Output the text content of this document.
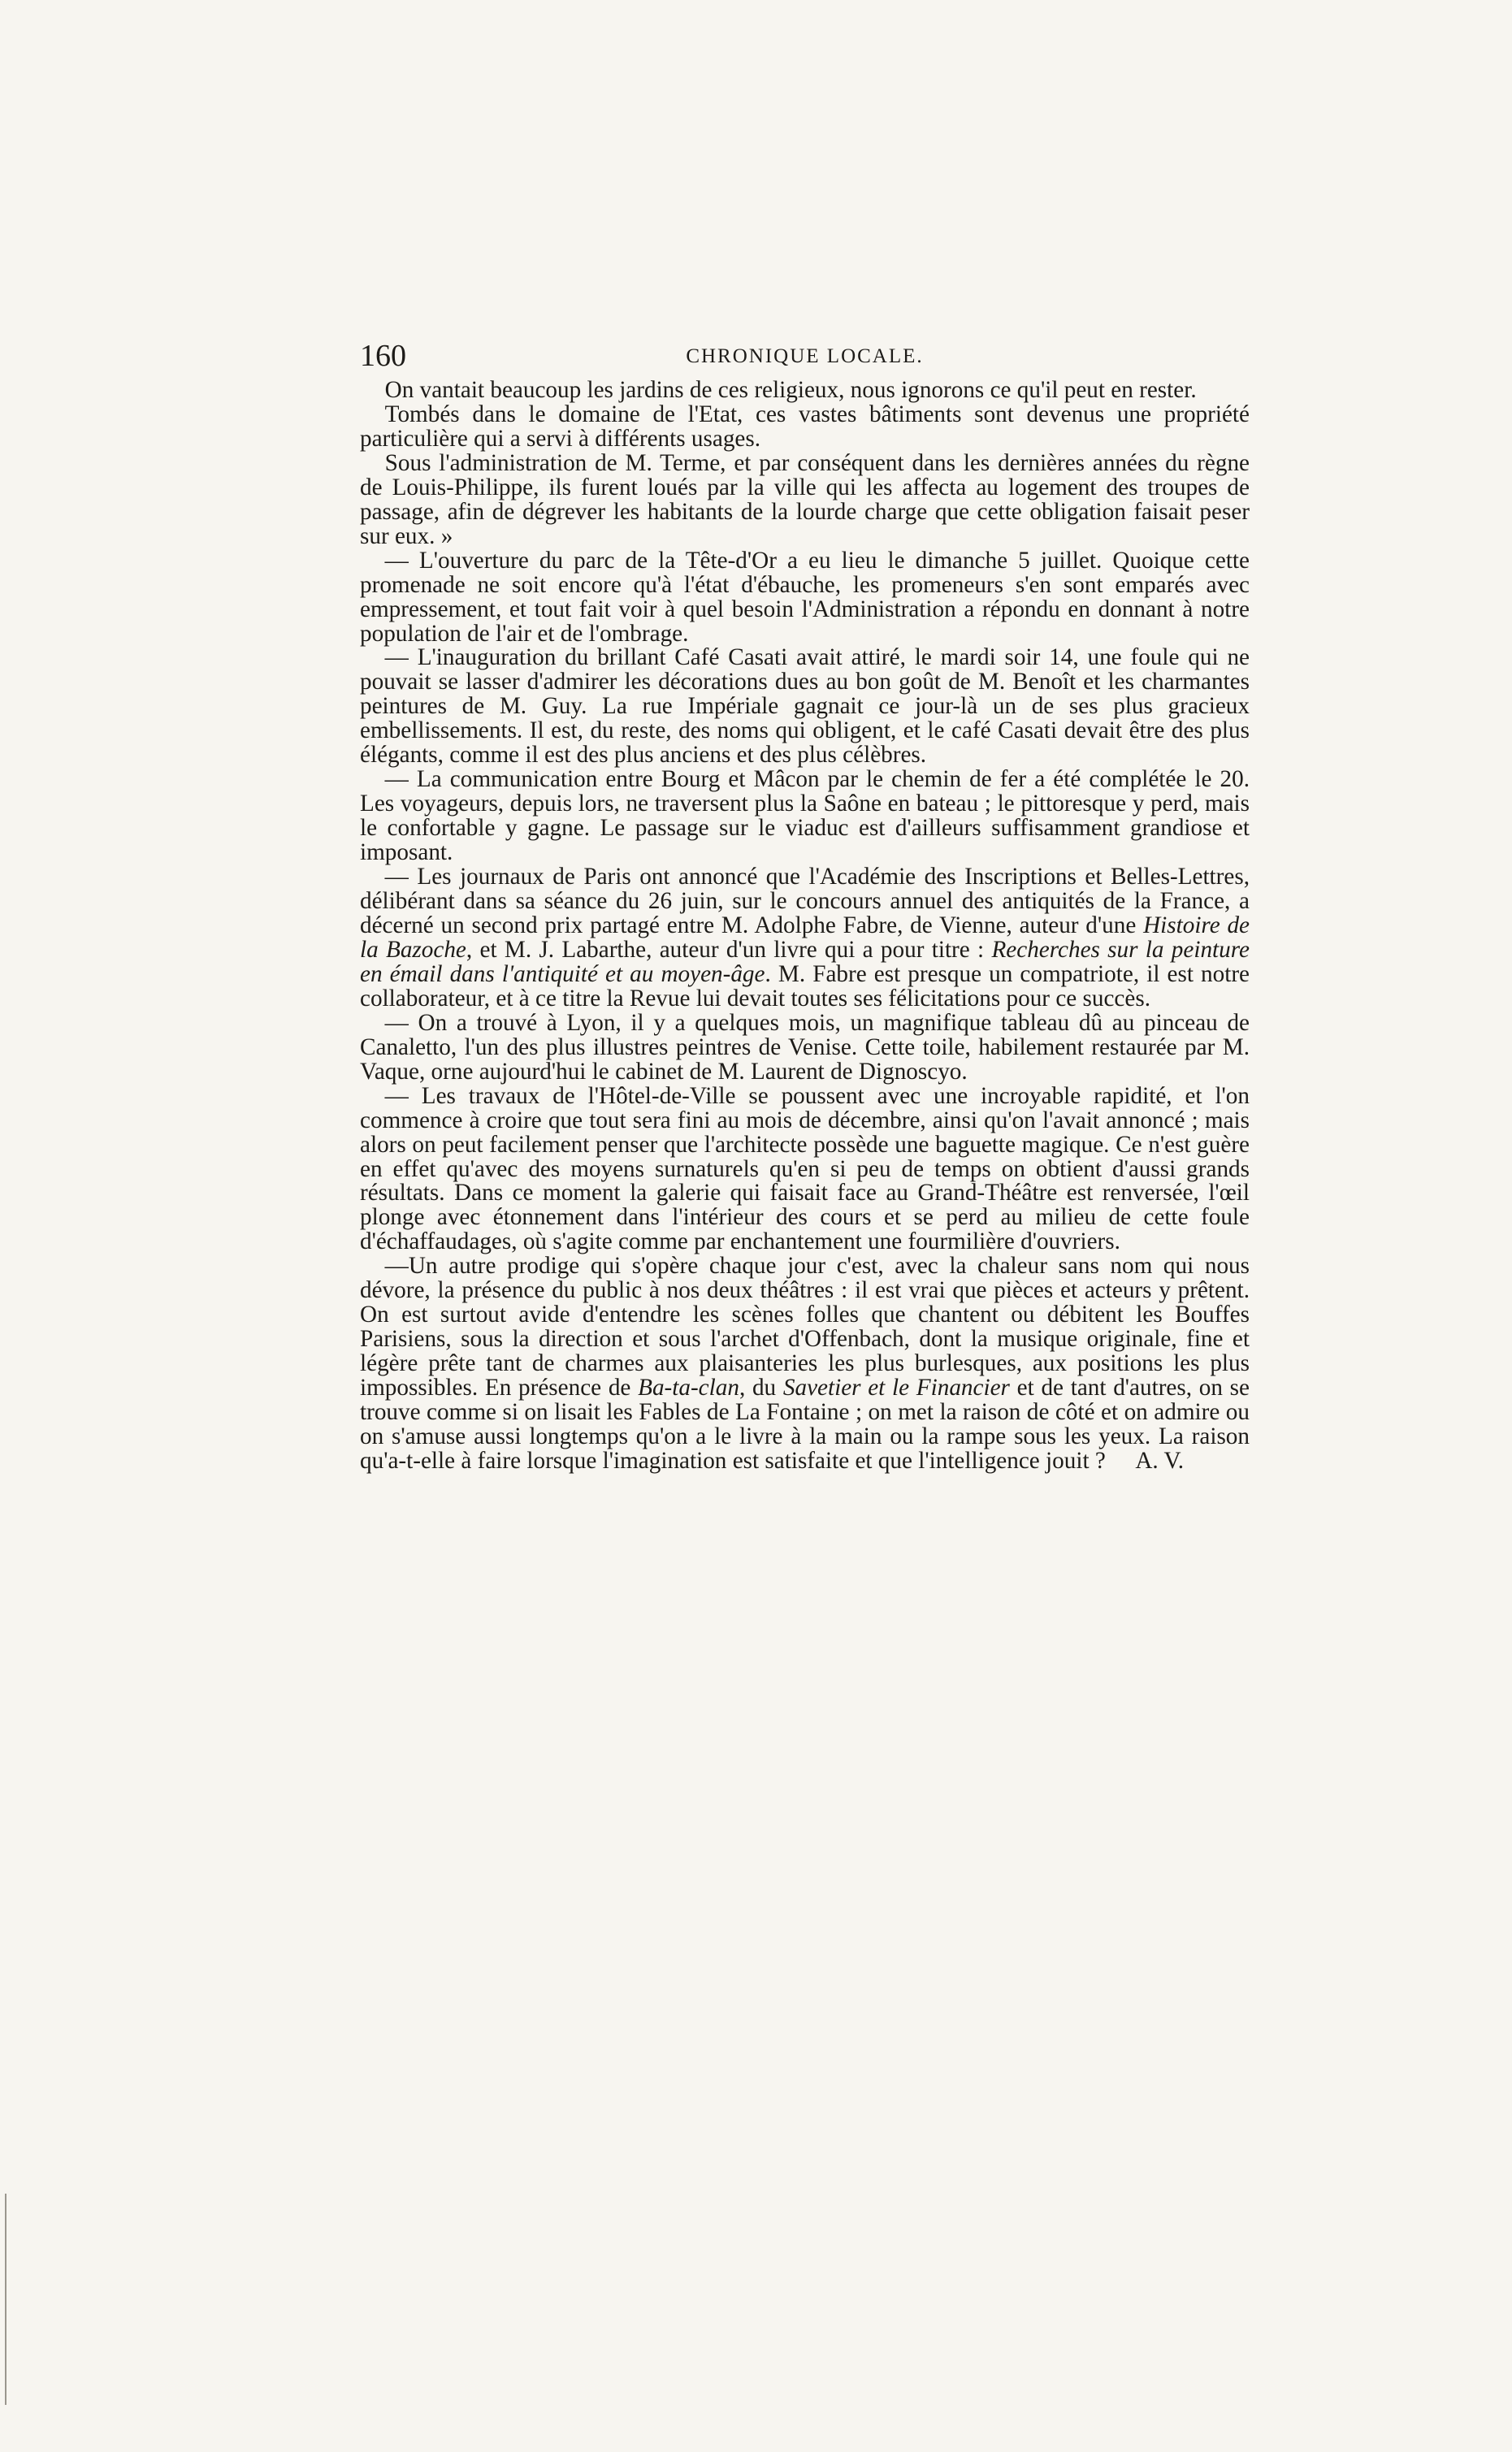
160	CHRONIQUE LOCALE.

On vantait beaucoup les jardins de ces religieux, nous ignorons ce qu'il peut en rester.

Tombés dans le domaine de l'Etat, ces vastes bâtiments sont devenus une propriété particulière qui a servi à différents usages.

Sous l'administration de M. Terme, et par conséquent dans les dernières années du règne de Louis-Philippe, ils furent loués par la ville qui les affecta au logement des troupes de passage, afin de dégrever les habitants de la lourde charge que cette obligation faisait peser sur eux. »

— L'ouverture du parc de la Tête-d'Or a eu lieu le dimanche 5 juillet. Quoique cette promenade ne soit encore qu'à l'état d'ébauche, les promeneurs s'en sont emparés avec empressement, et tout fait voir à quel besoin l'Administration a répondu en donnant à notre population de l'air et de l'ombrage.

— L'inauguration du brillant Café Casati avait attiré, le mardi soir 14, une foule qui ne pouvait se lasser d'admirer les décorations dues au bon goût de M. Benoît et les charmantes peintures de M. Guy. La rue Impériale gagnait ce jour-là un de ses plus gracieux embellissements. Il est, du reste, des noms qui obligent, et le café Casati devait être des plus élégants, comme il est des plus anciens et des plus célèbres.

— La communication entre Bourg et Mâcon par le chemin de fer a été complétée le 20. Les voyageurs, depuis lors, ne traversent plus la Saône en bateau ; le pittoresque y perd, mais le confortable y gagne. Le passage sur le viaduc est d'ailleurs suffisamment grandiose et imposant.

— Les journaux de Paris ont annoncé que l'Académie des Inscriptions et Belles-Lettres, délibérant dans sa séance du 26 juin, sur le concours annuel des antiquités de la France, a décerné un second prix partagé entre M. Adolphe Fabre, de Vienne, auteur d'une Histoire de la Bazoche, et M. J. Labarthe, auteur d'un livre qui a pour titre : Recherches sur la peinture en émail dans l'antiquité et au moyen-âge. M. Fabre est presque un compatriote, il est notre collaborateur, et à ce titre la Revue lui devait toutes ses félicitations pour ce succès.

— On a trouvé à Lyon, il y a quelques mois, un magnifique tableau dû au pinceau de Canaletto, l'un des plus illustres peintres de Venise. Cette toile, habilement restaurée par M. Vaque, orne aujourd'hui le cabinet de M. Laurent de Dignoscyo.

— Les travaux de l'Hôtel-de-Ville se poussent avec une incroyable rapidité, et l'on commence à croire que tout sera fini au mois de décembre, ainsi qu'on l'avait annoncé ; mais alors on peut facilement penser que l'architecte possède une baguette magique. Ce n'est guère en effet qu'avec des moyens surnaturels qu'en si peu de temps on obtient d'aussi grands résultats. Dans ce moment la galerie qui faisait face au Grand-Théâtre est renversée, l'œil plonge avec étonnement dans l'intérieur des cours et se perd au milieu de cette foule d'échaffaudages, où s'agite comme par enchantement une fourmilière d'ouvriers.

—Un autre prodige qui s'opère chaque jour c'est, avec la chaleur sans nom qui nous dévore, la présence du public à nos deux théâtres : il est vrai que pièces et acteurs y prêtent. On est surtout avide d'entendre les scènes folles que chantent ou débitent les Bouffes Parisiens, sous la direction et sous l'archet d'Offenbach, dont la musique originale, fine et légère prête tant de charmes aux plaisanteries les plus burlesques, aux positions les plus impossibles. En présence de Ba-ta-clan, du Savetier et le Financier et de tant d'autres, on se trouve comme si on lisait les Fables de La Fontaine ; on met la raison de côté et on admire ou on s'amuse aussi longtemps qu'on a le livre à la main ou la rampe sous les yeux. La raison qu'a-t-elle à faire lorsque l'imagination est satisfaite et que l'intelligence jouit ? A. V.
